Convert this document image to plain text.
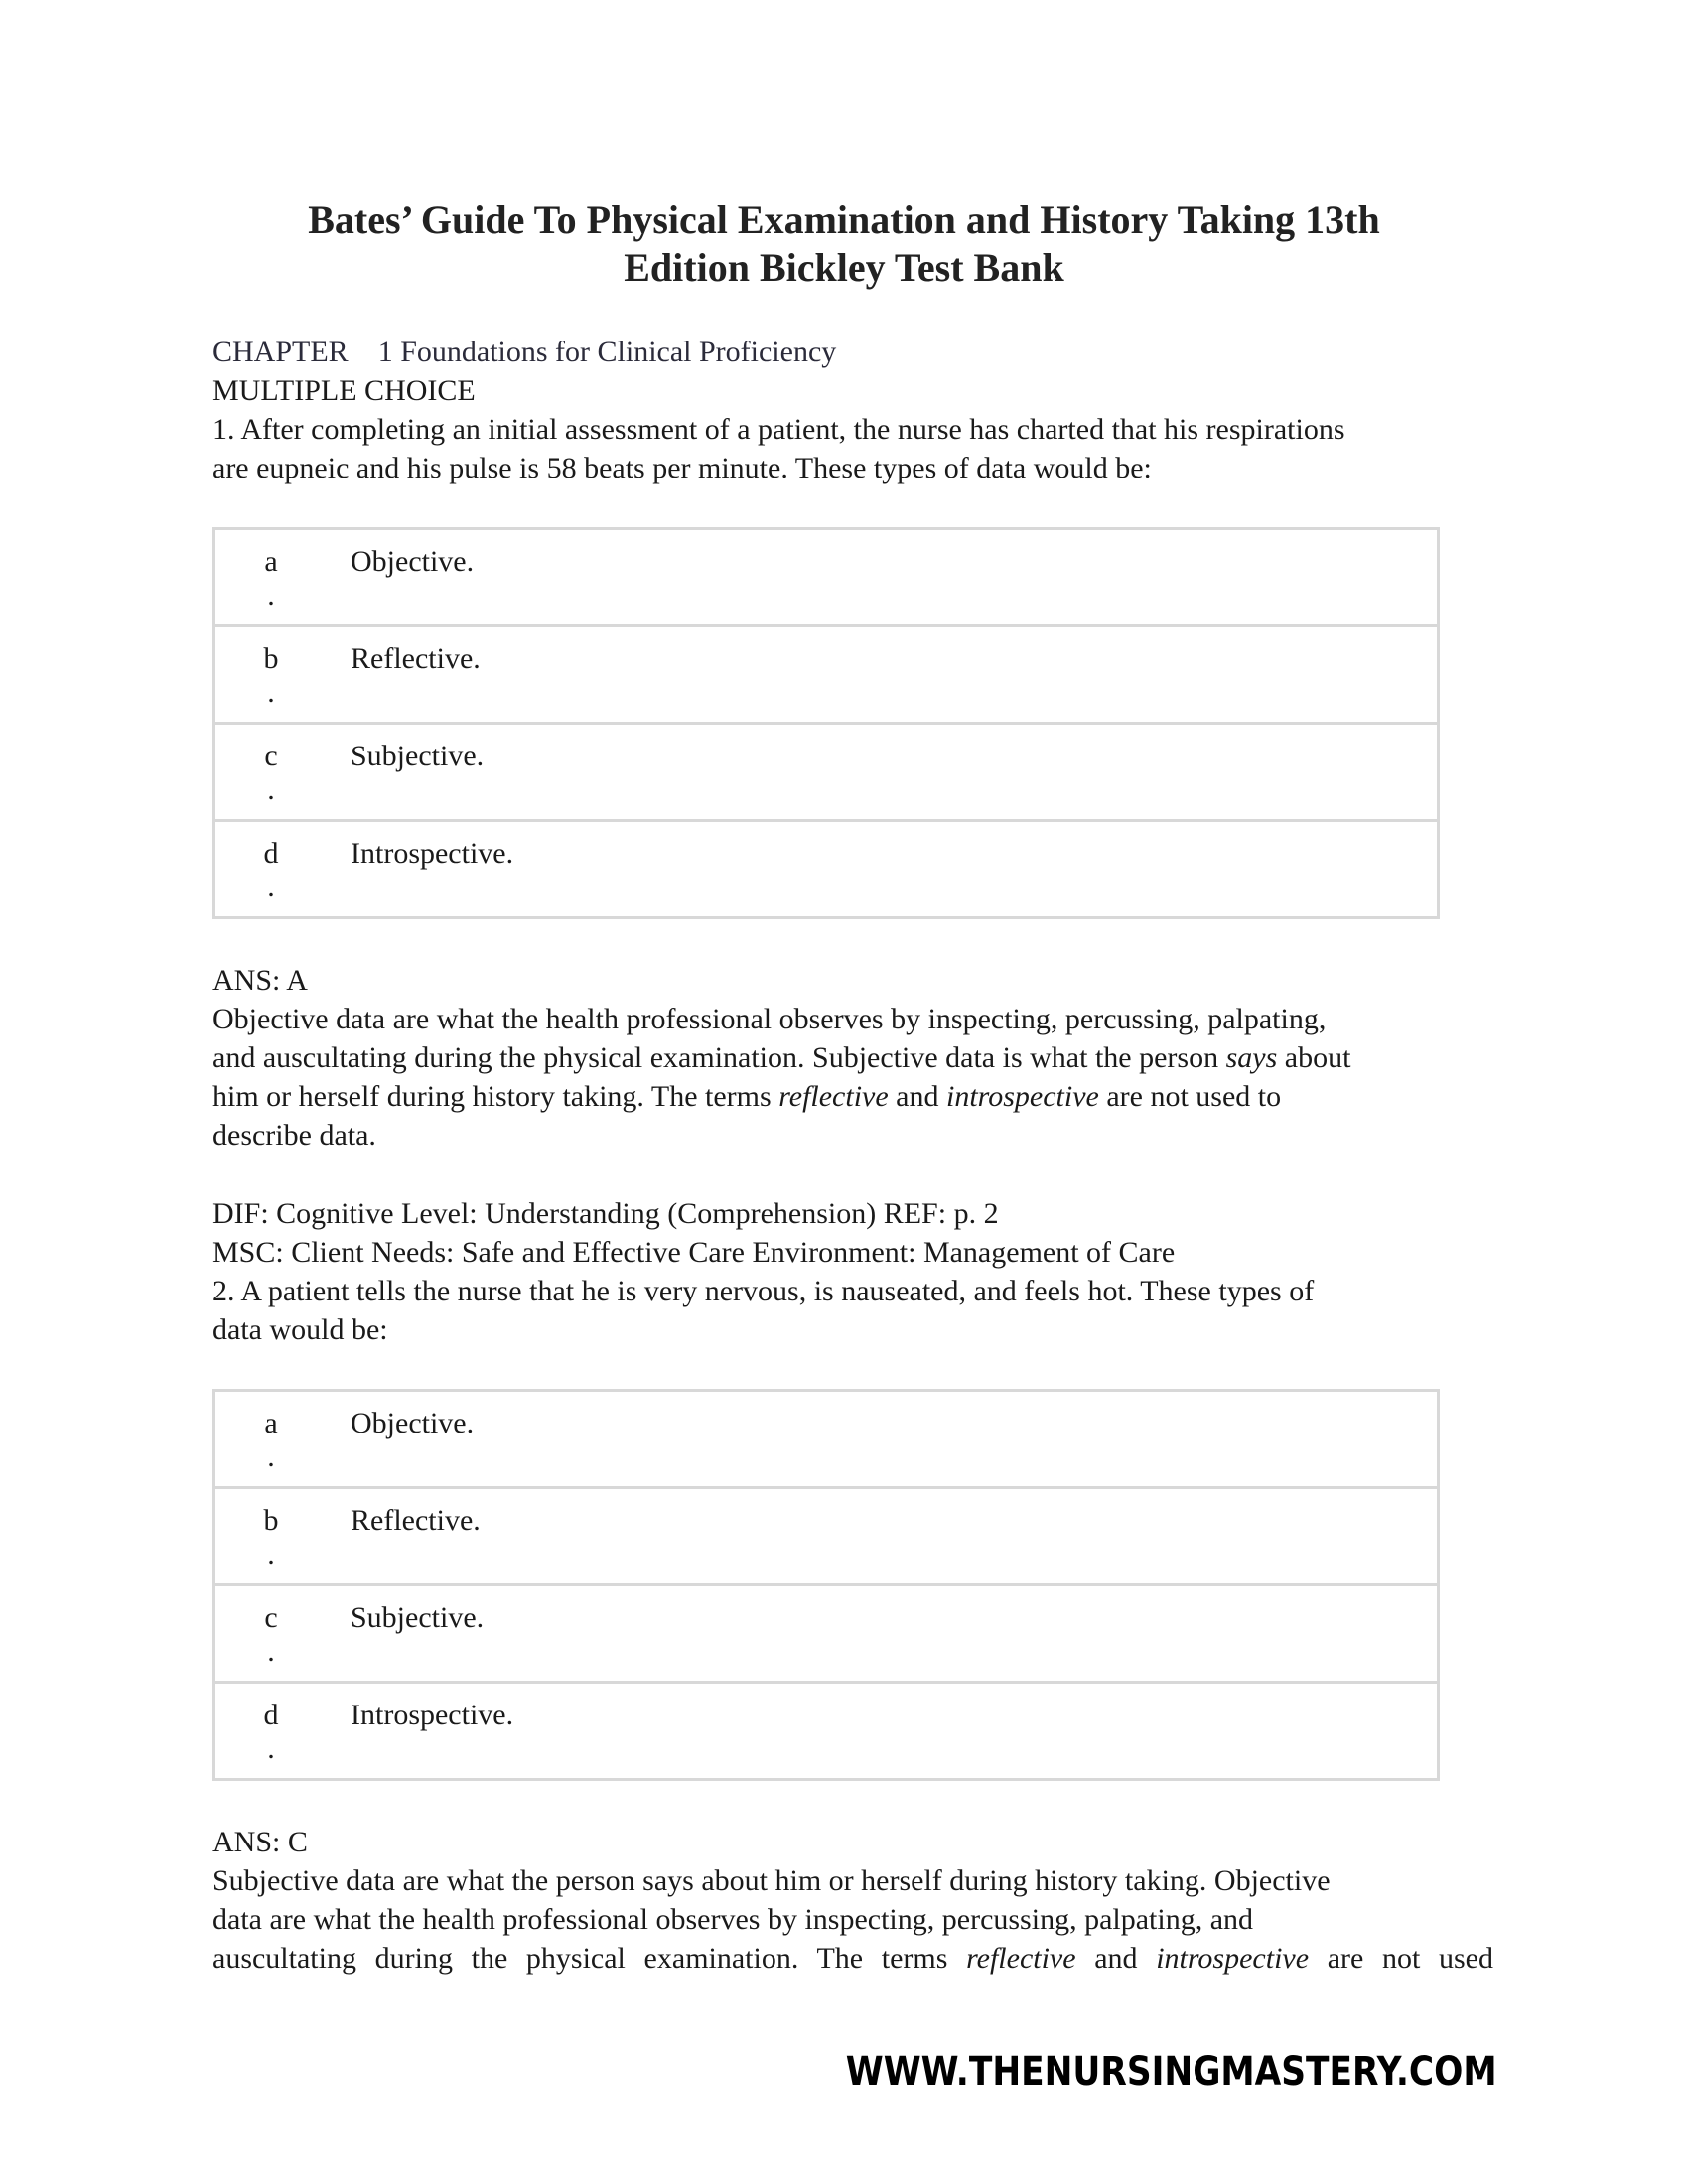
Bates’ Guide To Physical Examination and History Taking 13th
Edition Bickley Test Bank
CHAPTER 1 Foundations for Clinical Proficiency
MULTIPLE CHOICE
1. After completing an initial assessment of a patient, the nurse has charted that his respirations
are eupneic and his pulse is 58 beats per minute. These types of data would be:
a
.
Objective.
b
.
Reflective.
c
.
Subjective.
d
.
Introspective.
ANS: A
Objective data are what the health professional observes by inspecting, percussing, palpating,
and auscultating during the physical examination. Subjective data is what the person says about
him or herself during history taking. The terms reflective and introspective are not used to
describe data.
DIF: Cognitive Level: Understanding (Comprehension) REF: p. 2
MSC: Client Needs: Safe and Effective Care Environment: Management of Care
2. A patient tells the nurse that he is very nervous, is nauseated, and feels hot. These types of
data would be:
a
.
Objective.
b
.
Reflective.
c
.
Subjective.
d
.
Introspective.
ANS: C
Subjective data are what the person says about him or herself during history taking. Objective
data are what the health professional observes by inspecting, percussing, palpating, and
auscultating during the physical examination. The terms reflective and introspective are not used
WWW.THENURSINGMASTERY.COM
